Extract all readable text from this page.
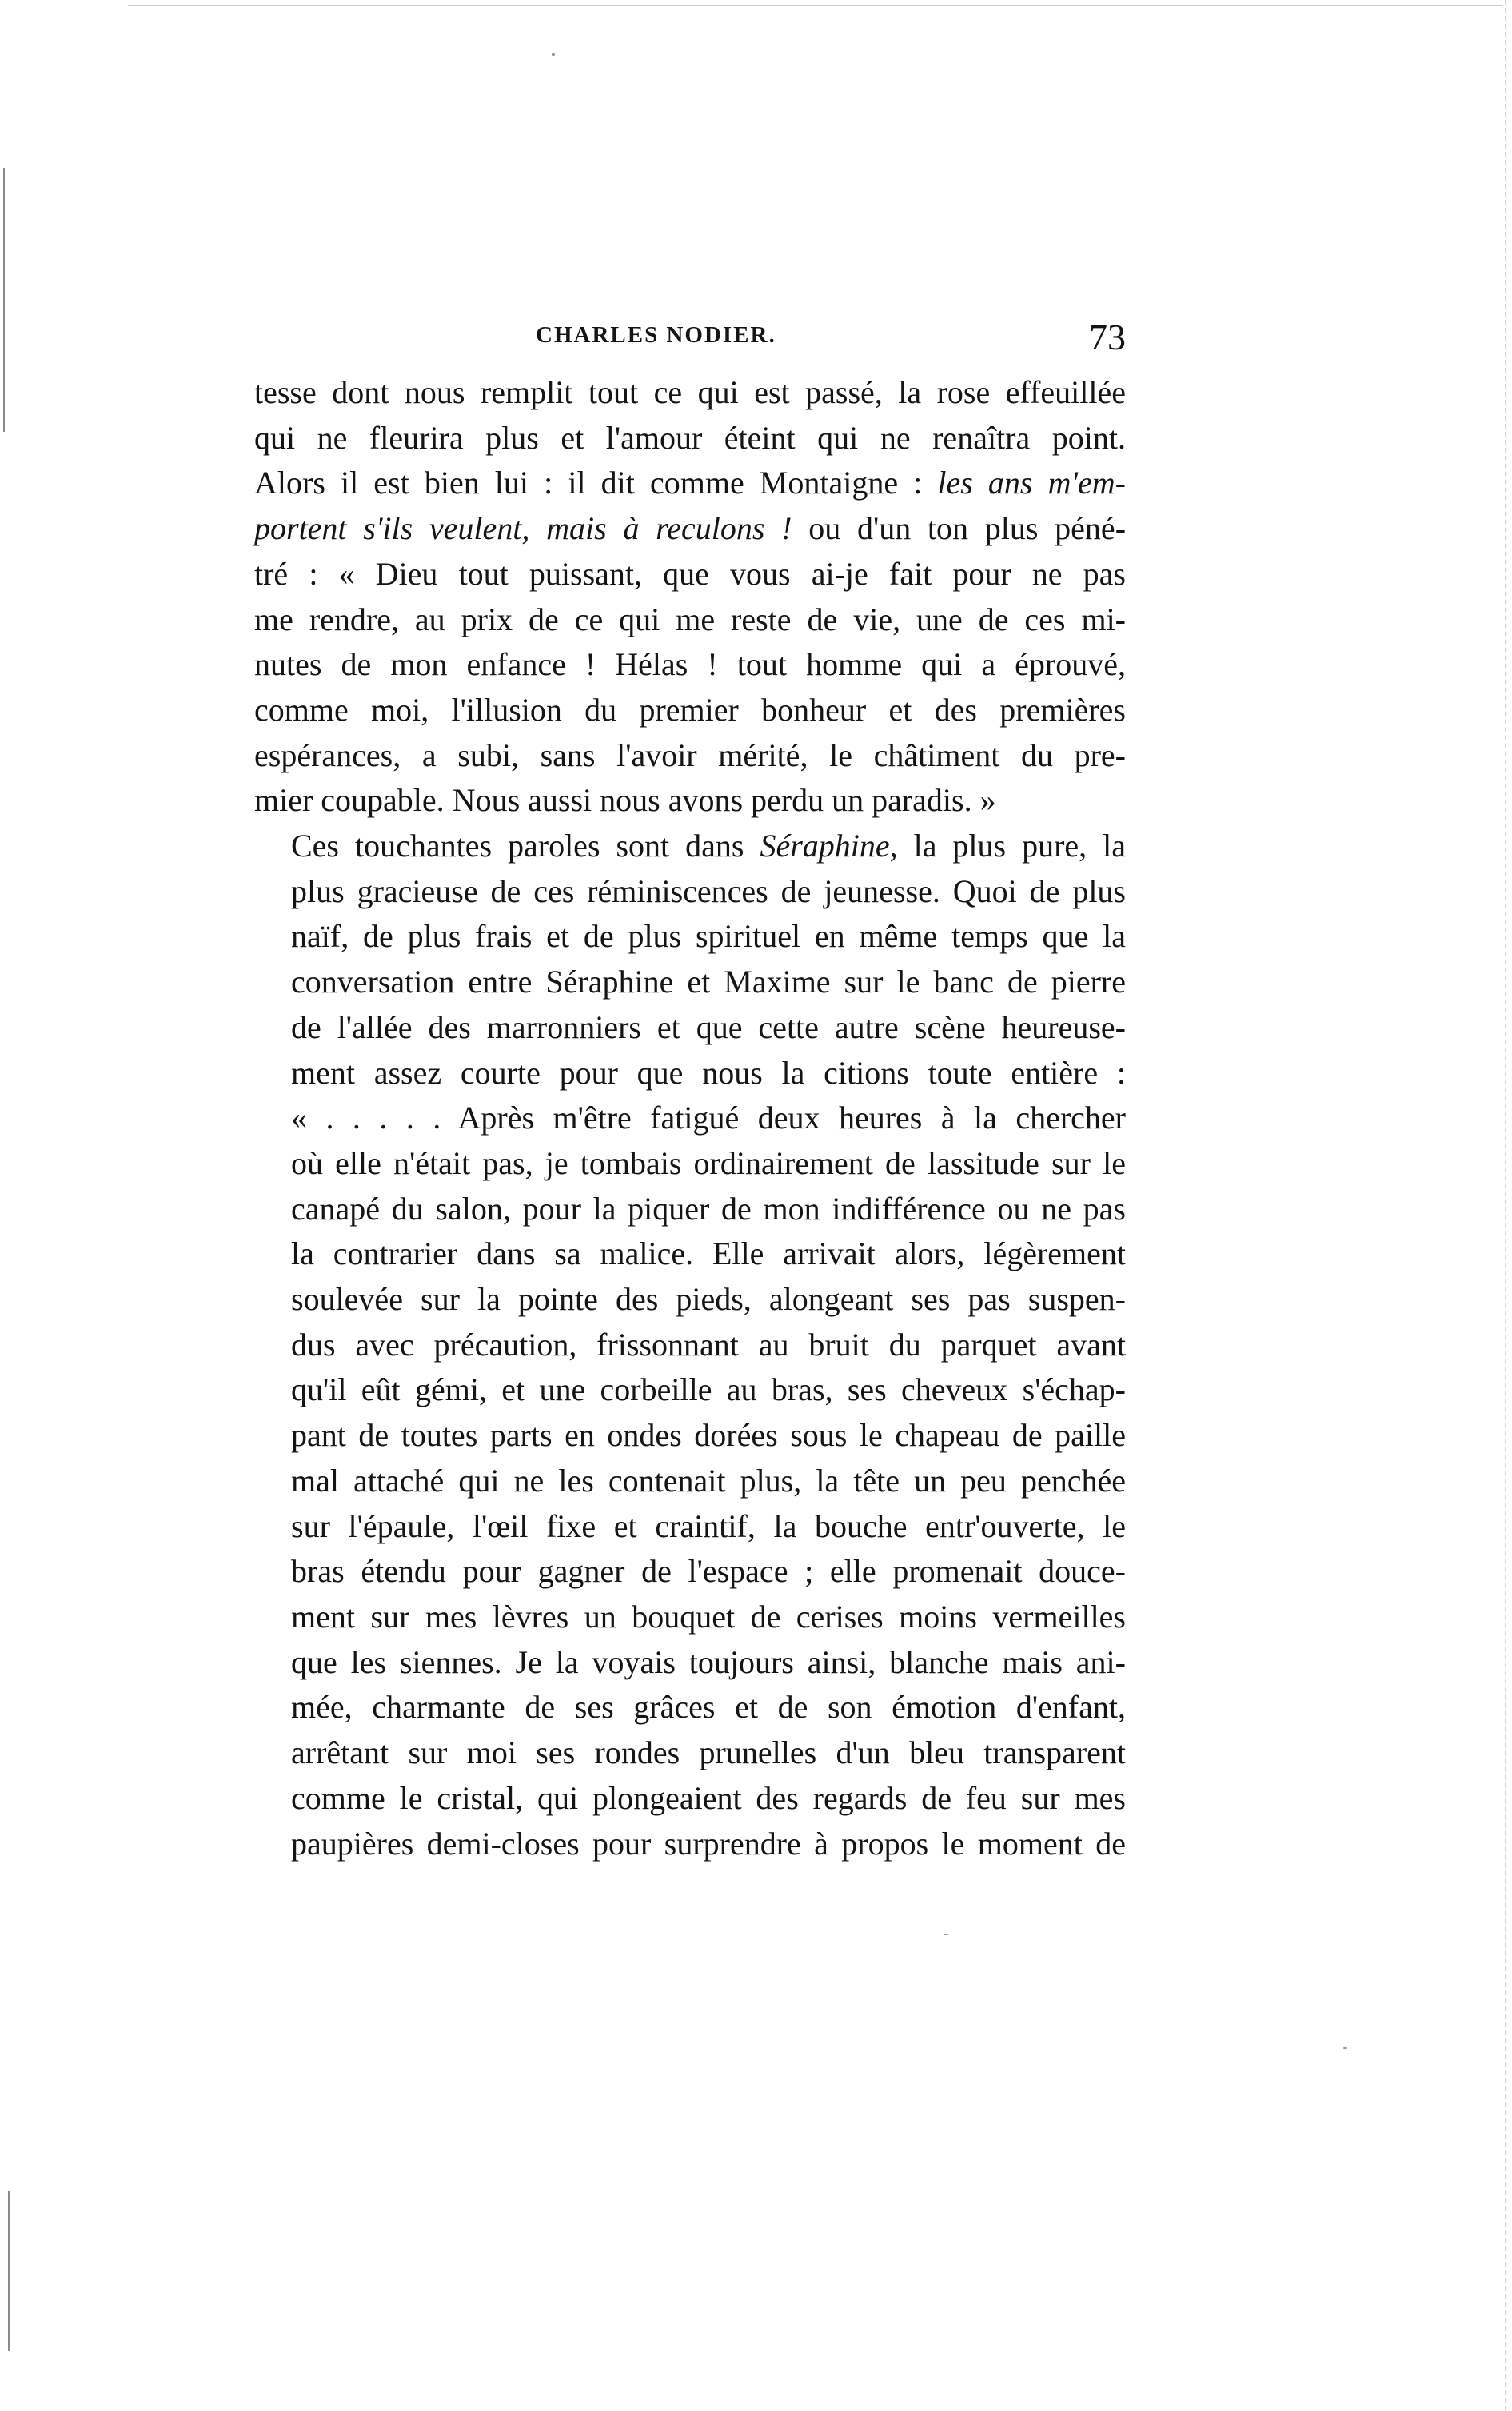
CHARLES NODIER.	73

tesse dont nous remplit tout ce qui est passé, la rose effeuillée
qui ne fleurira plus et l'amour éteint qui ne renaîtra point.
Alors il est bien lui : il dit comme Montaigne : les ans m'em-
portent s'ils veulent, mais à reculons ! ou d'un ton plus péné-
tré : « Dieu tout puissant, que vous ai-je fait pour ne pas
me rendre, au prix de ce qui me reste de vie, une de ces mi-
nutes de mon enfance ! Hélas ! tout homme qui a éprouvé,
comme moi, l'illusion du premier bonheur et des premières
espérances, a subi, sans l'avoir mérité, le châtiment du pre-
mier coupable. Nous aussi nous avons perdu un paradis. »

Ces touchantes paroles sont dans Séraphine, la plus pure, la
plus gracieuse de ces réminiscences de jeunesse. Quoi de plus
naïf, de plus frais et de plus spirituel en même temps que la
conversation entre Séraphine et Maxime sur le banc de pierre
de l'allée des marronniers et que cette autre scène heureuse-
ment assez courte pour que nous la citions toute entière :
« . . . . . Après m'être fatigué deux heures à la chercher
où elle n'était pas, je tombais ordinairement de lassitude sur le
canapé du salon, pour la piquer de mon indifférence ou ne pas
la contrarier dans sa malice. Elle arrivait alors, légèrement
soulevée sur la pointe des pieds, alongeant ses pas suspen-
dus avec précaution, frissonnant au bruit du parquet avant
qu'il eût gémi, et une corbeille au bras, ses cheveux s'échap-
pant de toutes parts en ondes dorées sous le chapeau de paille
mal attaché qui ne les contenait plus, la tête un peu penchée
sur l'épaule, l'œil fixe et craintif, la bouche entr'ouverte, le
bras étendu pour gagner de l'espace ; elle promenait douce-
ment sur mes lèvres un bouquet de cerises moins vermeilles
que les siennes. Je la voyais toujours ainsi, blanche mais ani-
mée, charmante de ses grâces et de son émotion d'enfant,
arrêtant sur moi ses rondes prunelles d'un bleu transparent
comme le cristal, qui plongeaient des regards de feu sur mes
paupières demi-closes pour surprendre à propos le moment de
